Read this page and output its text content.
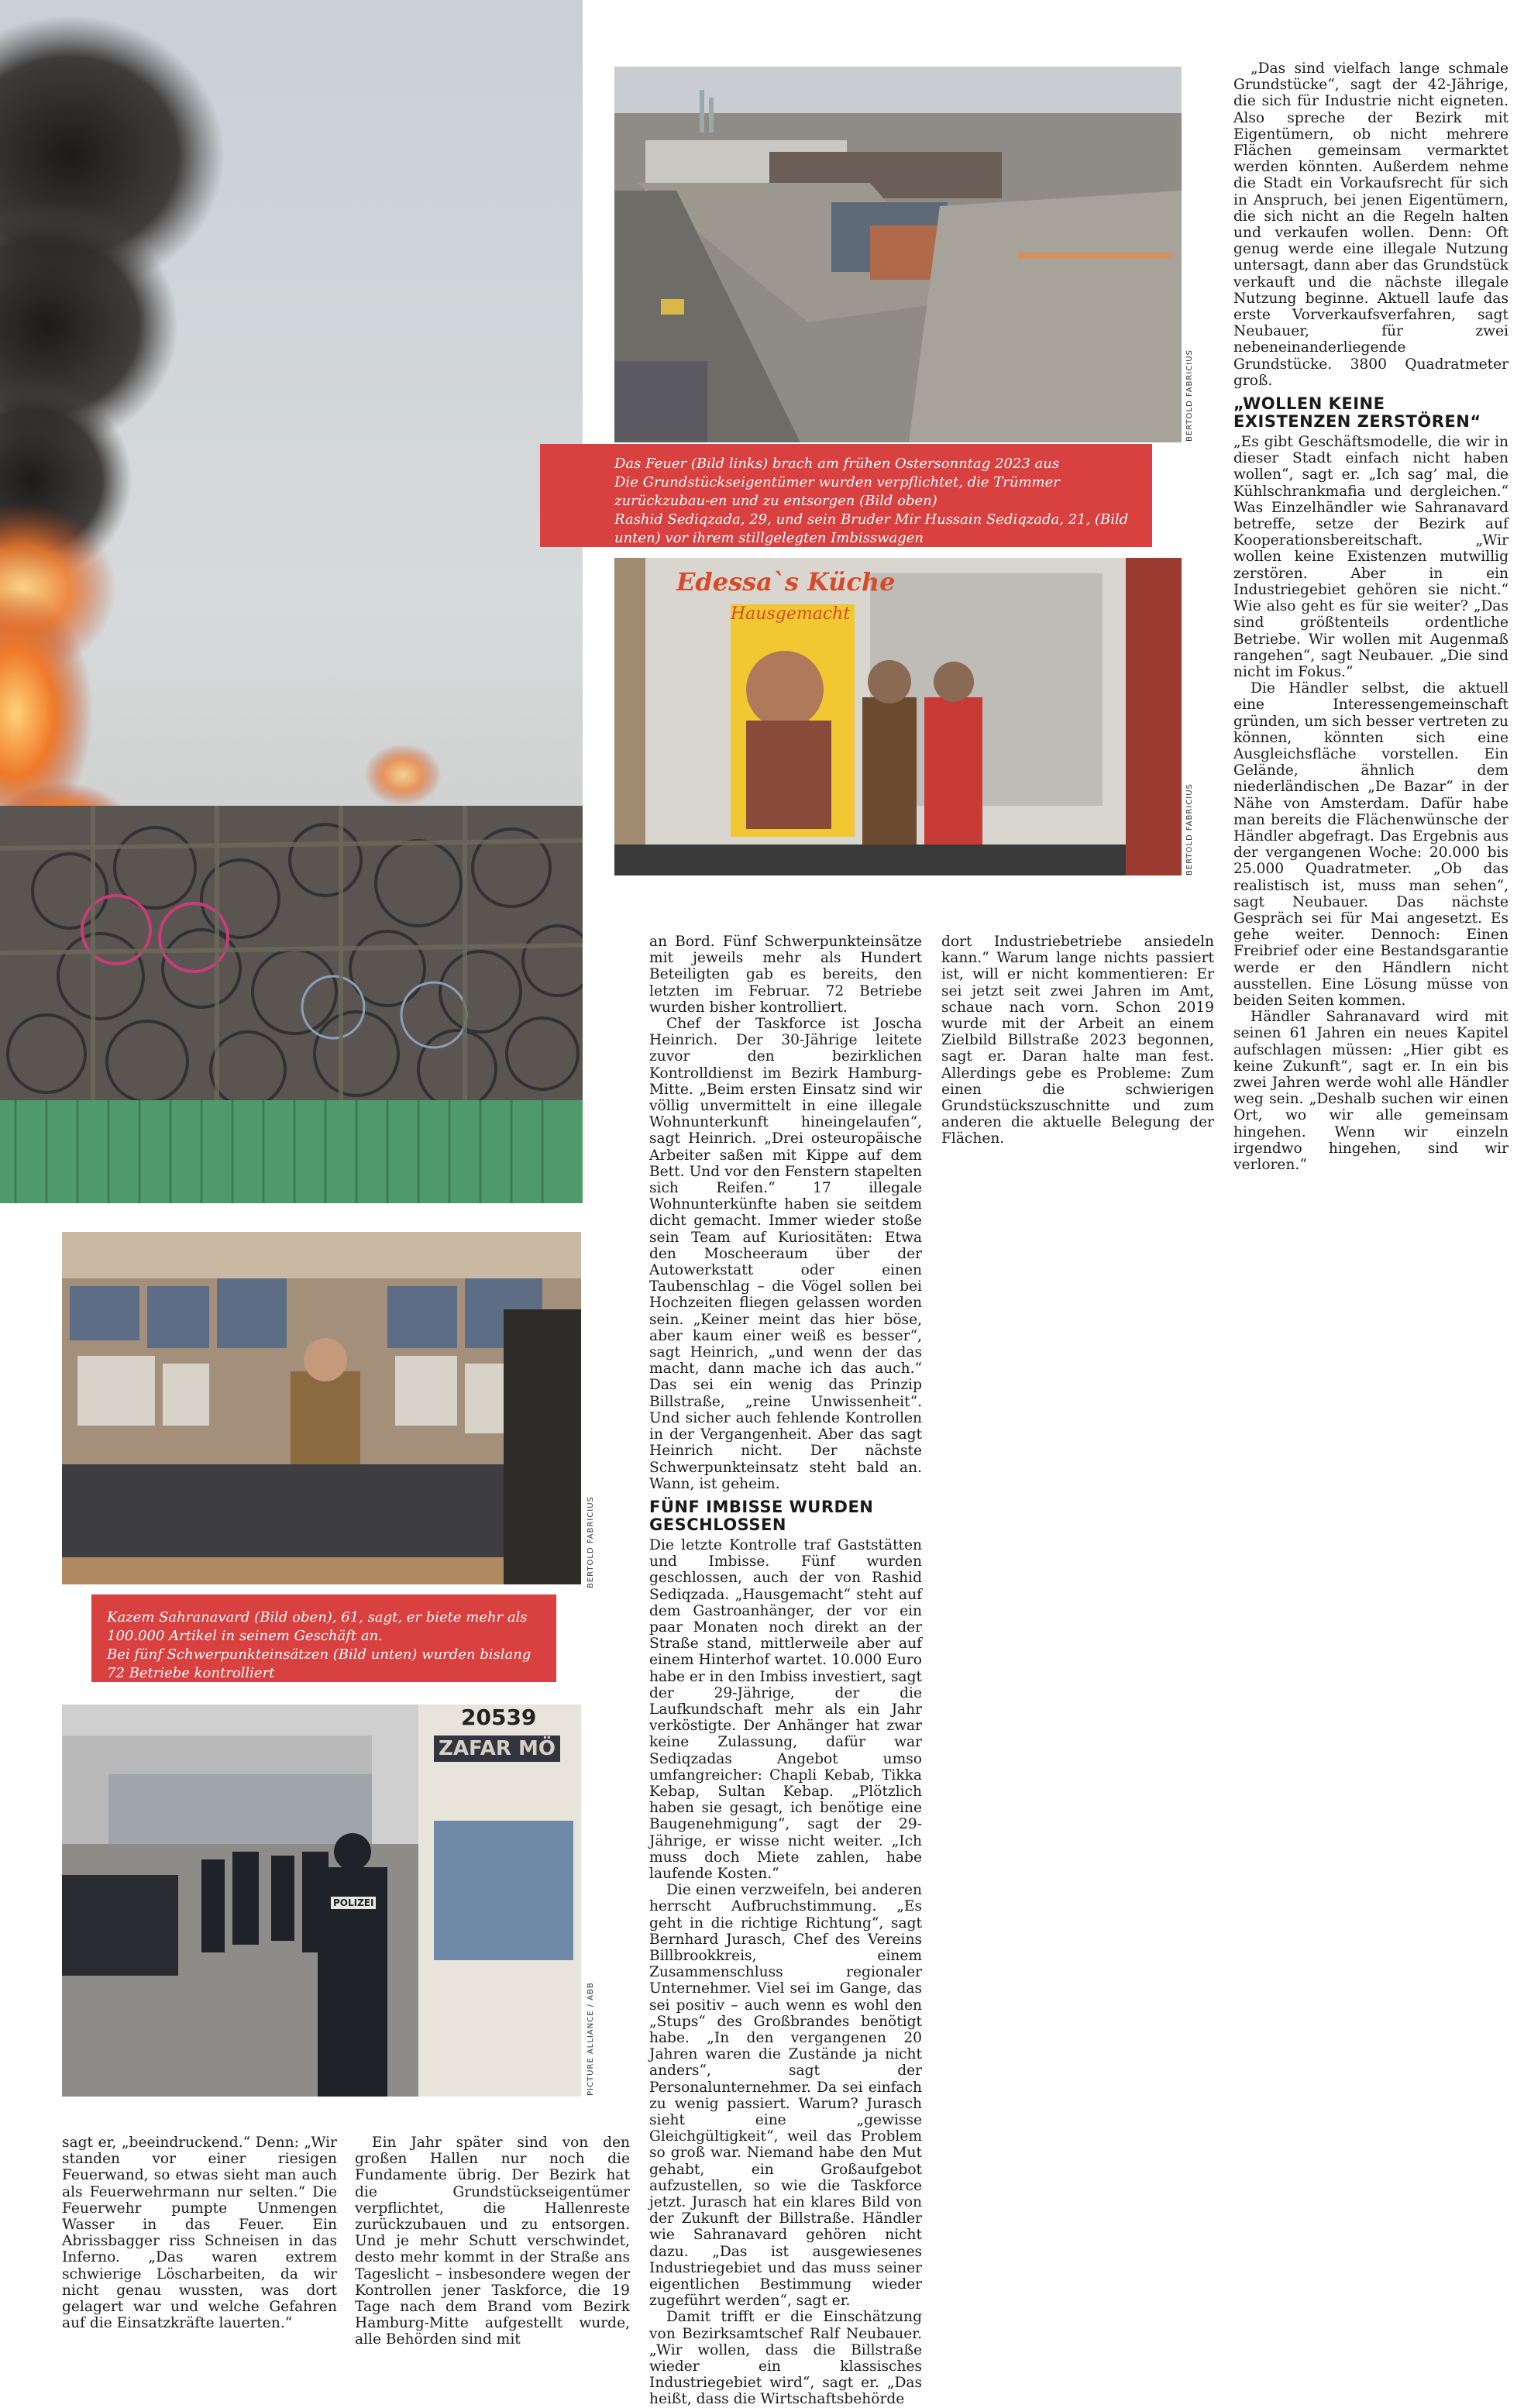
BERTOLD FABRICIUS

Das Feuer (Bild links) brach am frühen Ostersonntag 2023 aus

Die Grundstückseigentümer wurden verpflichtet, die Trümmer zurückzubau-en und zu entsorgen (Bild oben)

Rashid Sediqzada, 29, und sein Bruder Mir Hussain Sediqzada, 21, (Bild unten) vor ihrem stillgelegten Imbisswagen

Edessa`s Küche
Hausgemacht
BERTOLD FABRICIUS
BERTOLD FABRICIUS

Kazem Sahranavard (Bild oben), 61, sagt, er biete mehr als 100.000 Artikel in seinem Geschäft an.

Bei fünf Schwerpunkteinsätzen (Bild unten) wurden bislang 72 Betriebe kontrolliert

20539
ZAFAR MÖ
POLIZEI
PICTURE ALLIANCE / ABB

sagt er, „beeindruckend.“ Denn: „Wir standen vor einer riesigen Feuerwand, so etwas sieht man auch als Feuerwehrmann nur selten.“ Die Feuerwehr pumpte Unmengen Wasser in das Feuer. Ein Abrissbagger riss Schneisen in das Inferno. „Das waren extrem schwierige Löscharbeiten, da wir nicht genau wussten, was dort gelagert war und welche Gefahren auf die Einsatzkräfte lauerten.“

Ein Jahr später sind von den großen Hallen nur noch die Fundamente übrig. Der Bezirk hat die Grundstückseigentümer verpflichtet, die Hallenreste zurückzubauen und zu entsorgen. Und je mehr Schutt verschwindet, desto mehr kommt in der Straße ans Tageslicht – insbesondere wegen der Kontrollen jener Taskforce, die 19 Tage nach dem Brand vom Bezirk Hamburg-Mitte aufgestellt wurde, alle Behörden sind mit

an Bord. Fünf Schwerpunkteinsätze mit jeweils mehr als Hundert Beteiligten gab es bereits, den letzten im Februar. 72 Betriebe wurden bisher kontrolliert.

Chef der Taskforce ist Joscha Heinrich. Der 30-Jährige leitete zuvor den bezirklichen Kontrolldienst im Bezirk Hamburg-Mitte. „Beim ersten Einsatz sind wir völlig unvermittelt in eine illegale Wohnunterkunft hineingelaufen“, sagt Heinrich. „Drei osteuropäische Arbeiter saßen mit Kippe auf dem Bett. Und vor den Fenstern stapelten sich Reifen.“ 17 illegale Wohnunterkünfte haben sie seitdem dicht gemacht. Immer wieder stoße sein Team auf Kuriositäten: Etwa den Moscheeraum über der Autowerkstatt oder einen Taubenschlag – die Vögel sollen bei Hochzeiten fliegen gelassen worden sein. „Keiner meint das hier böse, aber kaum einer weiß es besser“, sagt Heinrich, „und wenn der das macht, dann mache ich das auch.“ Das sei ein wenig das Prinzip Billstraße, „reine Unwissenheit“. Und sicher auch fehlende Kontrollen in der Vergangenheit. Aber das sagt Heinrich nicht. Der nächste Schwerpunkteinsatz steht bald an. Wann, ist geheim.

FÜNF IMBISSE WURDEN GESCHLOSSEN

Die letzte Kontrolle traf Gaststätten und Imbisse. Fünf wurden geschlossen, auch der von Rashid Sediqzada. „Hausgemacht“ steht auf dem Gastroanhänger, der vor ein paar Monaten noch direkt an der Straße stand, mittlerweile aber auf einem Hinterhof wartet. 10.000 Euro habe er in den Imbiss investiert, sagt der 29-Jährige, der die Laufkundschaft mehr als ein Jahr verköstigte. Der Anhänger hat zwar keine Zulassung, dafür war Sediqzadas Angebot umso umfangreicher: Chapli Kebab, Tikka Kebap, Sultan Kebap. „Plötzlich haben sie gesagt, ich benötige eine Baugenehmigung“, sagt der 29-Jährige, er wisse nicht weiter. „Ich muss doch Miete zahlen, habe laufende Kosten.“

Die einen verzweifeln, bei anderen herrscht Aufbruchstimmung. „Es geht in die richtige Richtung“, sagt Bernhard Jurasch, Chef des Vereins Billbrookkreis, einem Zusammenschluss regionaler Unternehmer. Viel sei im Gange, das sei positiv – auch wenn es wohl den „Stups“ des Großbrandes benötigt habe. „In den vergangenen 20 Jahren waren die Zustände ja nicht anders“, sagt der Personalunternehmer. Da sei einfach zu wenig passiert. Warum? Jurasch sieht eine „gewisse Gleichgültigkeit“, weil das Problem so groß war. Niemand habe den Mut gehabt, ein Großaufgebot aufzustellen, so wie die Taskforce jetzt. Jurasch hat ein klares Bild von der Zukunft der Billstraße. Händler wie Sahranavard gehören nicht dazu. „Das ist ausgewiesenes Industriegebiet und das muss seiner eigentlichen Bestimmung wieder zugeführt werden“, sagt er.

Damit trifft er die Einschätzung von Bezirksamtschef Ralf Neubauer. „Wir wollen, dass die Billstraße wieder ein klassisches Industriegebiet wird“, sagt er. „Das heißt, dass die Wirtschaftsbehörde

dort Industriebetriebe ansiedeln kann.“ Warum lange nichts passiert ist, will er nicht kommentieren: Er sei jetzt seit zwei Jahren im Amt, schaue nach vorn. Schon 2019 wurde mit der Arbeit an einem Zielbild Billstraße 2023 begonnen, sagt er. Daran halte man fest. Allerdings gebe es Probleme: Zum einen die schwierigen Grundstückszuschnitte und zum anderen die aktuelle Belegung der Flächen.

„Das sind vielfach lange schmale Grundstücke“, sagt der 42-Jährige, die sich für Industrie nicht eigneten. Also spreche der Bezirk mit Eigentümern, ob nicht mehrere Flächen gemeinsam vermarktet werden könnten. Außerdem nehme die Stadt ein Vorkaufsrecht für sich in Anspruch, bei jenen Eigentümern, die sich nicht an die Regeln halten und verkaufen wollen. Denn: Oft genug werde eine illegale Nutzung untersagt, dann aber das Grundstück verkauft und die nächste illegale Nutzung beginne. Aktuell laufe das erste Vorverkaufsverfahren, sagt Neubauer, für zwei nebeneinanderliegende Grundstücke. 3800 Quadratmeter groß.

„WOLLEN KEINE EXISTENZEN ZERSTÖREN“

„Es gibt Geschäftsmodelle, die wir in dieser Stadt einfach nicht haben wollen“, sagt er. „Ich sag’ mal, die Kühlschrankmafia und dergleichen.“ Was Einzelhändler wie Sahranavard betreffe, setze der Bezirk auf Kooperationsbereitschaft. „Wir wollen keine Existenzen mutwillig zerstören. Aber in ein Industriegebiet gehören sie nicht.“ Wie also geht es für sie weiter? „Das sind größtenteils ordentliche Betriebe. Wir wollen mit Augenmaß rangehen“, sagt Neubauer. „Die sind nicht im Fokus.“

Die Händler selbst, die aktuell eine Interessengemeinschaft gründen, um sich besser vertreten zu können, könnten sich eine Ausgleichsfläche vorstellen. Ein Gelände, ähnlich dem niederländischen „De Bazar“ in der Nähe von Amsterdam. Dafür habe man bereits die Flächenwünsche der Händler abgefragt. Das Ergebnis aus der vergangenen Woche: 20.000 bis 25.000 Quadratmeter. „Ob das realistisch ist, muss man sehen“, sagt Neubauer. Das nächste Gespräch sei für Mai angesetzt. Es gehe weiter. Dennoch: Einen Freibrief oder eine Bestandsgarantie werde er den Händlern nicht ausstellen. Eine Lösung müsse von beiden Seiten kommen.

Händler Sahranavard wird mit seinen 61 Jahren ein neues Kapitel aufschlagen müssen: „Hier gibt es keine Zukunft“, sagt er. In ein bis zwei Jahren werde wohl alle Händler weg sein. „Deshalb suchen wir einen Ort, wo wir alle gemeinsam hingehen. Wenn wir einzeln irgendwo hingehen, sind wir verloren.“
